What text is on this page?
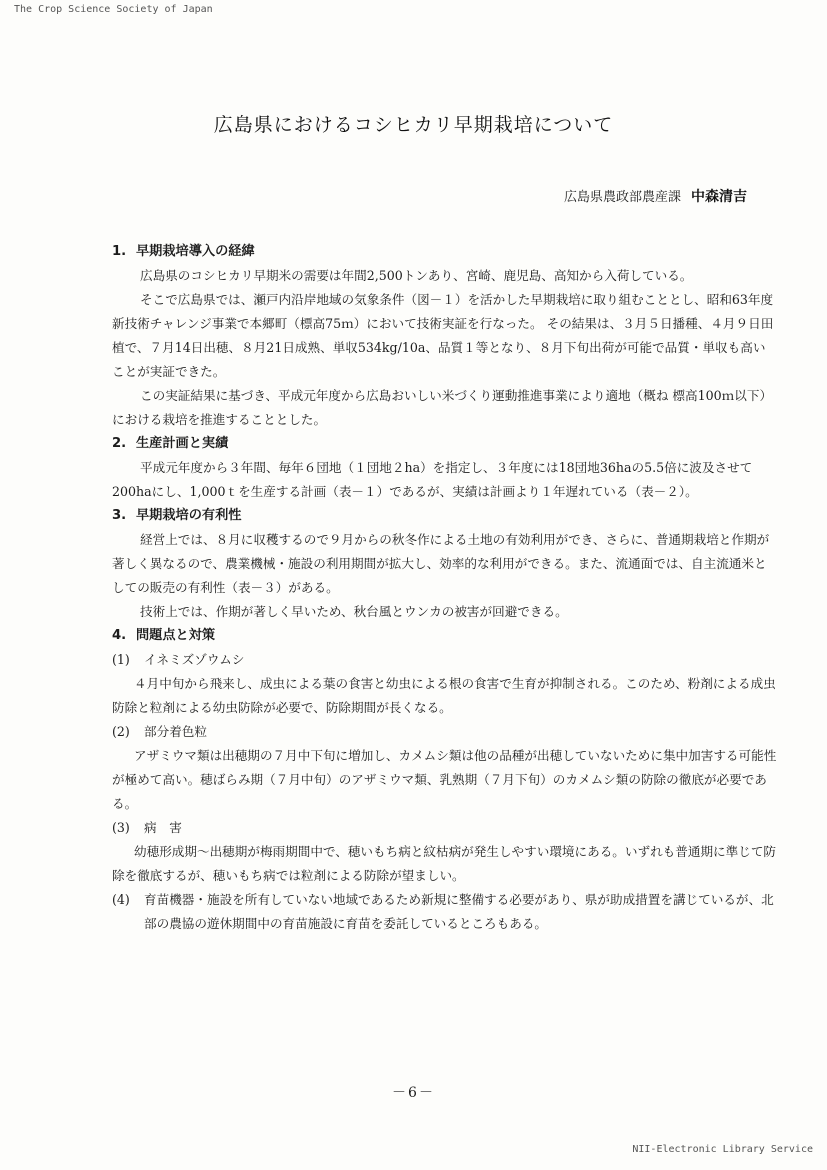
The Crop Science Society of Japan
広島県におけるコシヒカリ早期栽培について
広島県農政部農産課 中森清吉

1. 早期栽培導入の経緯

広島県のコシヒカリ早期米の需要は年間2,500トンあり、宮崎、鹿児島、高知から入荷している。

そこで広島県では、瀬戸内沿岸地域の気象条件（図－１）を活かした早期栽培に取り組むこととし、昭和63年度新技術チャレンジ事業で本郷町（標高75ｍ）において技術実証を行なった。 その結果は、３月５日播種、４月９日田植で、７月14日出穂、８月21日成熟、単収534kg/10a、品質１等となり、８月下旬出荷が可能で品質・単収も高いことが実証できた。

この実証結果に基づき、平成元年度から広島おいしい米づくり運動推進事業により適地（概ね 標高100ｍ以下）における栽培を推進することとした。

2. 生産計画と実績

平成元年度から３年間、毎年６団地（１団地２ha）を指定し、３年度には18団地36haの5.5倍に波及させて200haにし、1,000ｔを生産する計画（表－１）であるが、実績は計画より１年遅れている（表－２）。

3. 早期栽培の有利性

経営上では、８月に収穫するので９月からの秋冬作による土地の有効利用ができ、さらに、普通期栽培と作期が著しく異なるので、農業機械・施設の利用期間が拡大し、効率的な利用ができる。また、流通面では、自主流通米としての販売の有利性（表－３）がある。

技術上では、作期が著しく早いため、秋台風とウンカの被害が回避できる。

4. 問題点と対策

(1) イネミズゾウムシ

４月中旬から飛来し、成虫による葉の食害と幼虫による根の食害で生育が抑制される。このため、粉剤による成虫防除と粒剤による幼虫防除が必要で、防除期間が長くなる。

(2) 部分着色粒

アザミウマ類は出穂期の７月中下旬に増加し、カメムシ類は他の品種が出穂していないために集中加害する可能性が極めて高い。穂ばらみ期（７月中旬）のアザミウマ類、乳熟期（７月下旬）のカメムシ類の防除の徹底が必要である。

(3) 病　害

幼穂形成期～出穂期が梅雨期間中で、穂いもち病と紋枯病が発生しやすい環境にある。いずれも普通期に準じて防除を徹底するが、穂いもち病では粒剤による防除が望ましい。

(4) 育苗機器・施設を所有していない地域であるため新規に整備する必要があり、県が助成措置を講じているが、北部の農協の遊休期間中の育苗施設に育苗を委託しているところもある。

－6－
NII-Electronic Library Service
